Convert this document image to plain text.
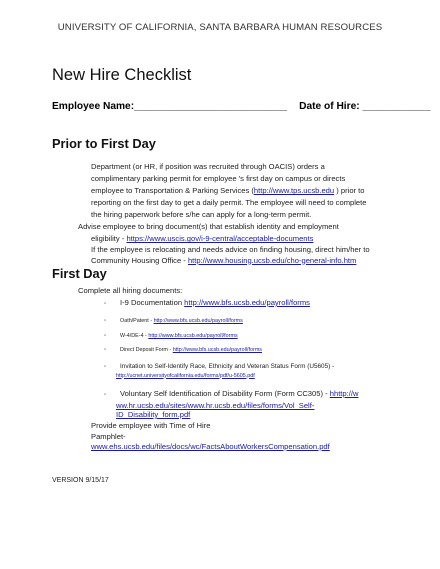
UNIVERSITY OF CALIFORNIA, SANTA BARBARA HUMAN RESOURCES
New Hire Checklist
Employee Name:___________________________ Date of Hire: ____________
Prior to First Day
Department (or HR, if position was recruited through OACIS) orders a
complimentary parking permit for employee 's first day on campus or directs
employee to Transportation & Parking Services (http://www.tps.ucsb.edu ) prior to
reporting on the first day to get a daily permit. The employee will need to complete
the hiring paperwork before s/he can apply for a long-term permit.
Advise employee to bring document(s) that establish identity and employment
eligibility - https://www.uscis.gov/i-9-central/acceptable-documents
If the employee is relocating and needs advice on finding housing, direct him/her to
Community Housing Office - http://www.housing.ucsb.edu/cho-general-info.htm
First Day
Complete all hiring documents:
▫ I-9 Documentation http://www.bfs.ucsb.edu/payroll/forms
▫	Oath/Patent - http://www.bfs.ucsb.edu/payroll/forms
▫	W-4/DE-4 - http://www.bfs.ucsb.edu/payroll/forms
▫	Direct Deposit Form - http://www.bfs.ucsb.edu/payroll/forms
▫ Invitation to Self-Identify Race, Ethnicity and Veteran Status Form (U5605) -
http://ucnet.universityofcalifornia.edu/forms/pdf/u-5605.pdf
▫ Voluntary Self Identification of Disability Form (Form CC305) - hhttp://w
ww.hr.ucsb.edu/sites/www.hr.ucsb.edu/files/forms/Vol_Self-
ID_Disability_form.pdf
Provide employee with Time of Hire
Pamphlet-
www.ehs.ucsb.edu/files/docs/wc/FactsAboutWorkersCompensation.pdf
VERSION 9/15/17
